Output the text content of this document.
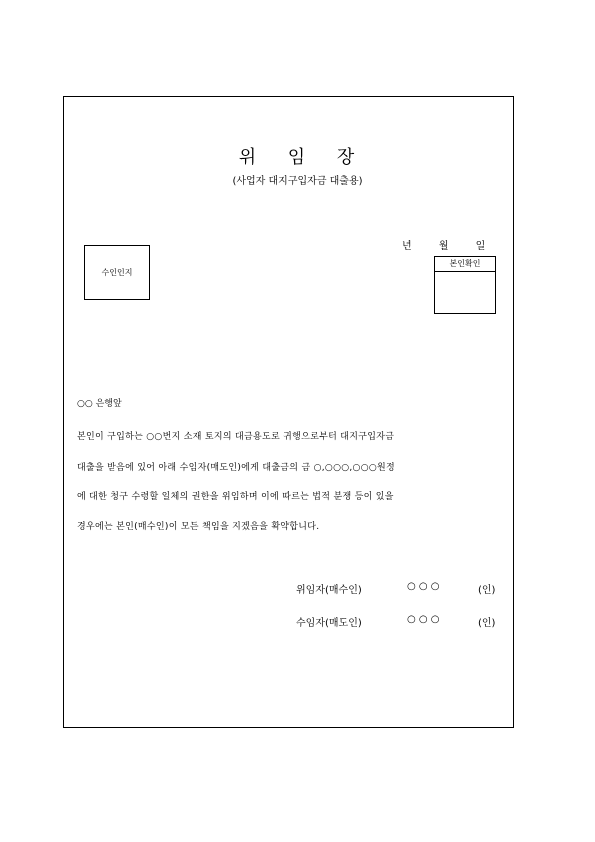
위 임 장
(사업자 대지구입자금 대출용)
년 월 일
수인인지
본인확인
○○ 은행앞
본인이 구입하는 ○○번지 소재 토지의 대금용도로 귀행으로부터 대지구입자금
대출을 받음에 있어 아래 수임자(매도인)에게 대출금의 금 ○,○○○,○○○원정
에 대한 청구 수령할 일체의 권한을 위임하며 이에 따르는 법적 분쟁 등이 있을
경우에는 본인(매수인)이 모든 책임을 지겠음을 확약합니다.
위임자(매수인)	○ ○ ○	(인)
수임자(매도인)	○ ○ ○	(인)
